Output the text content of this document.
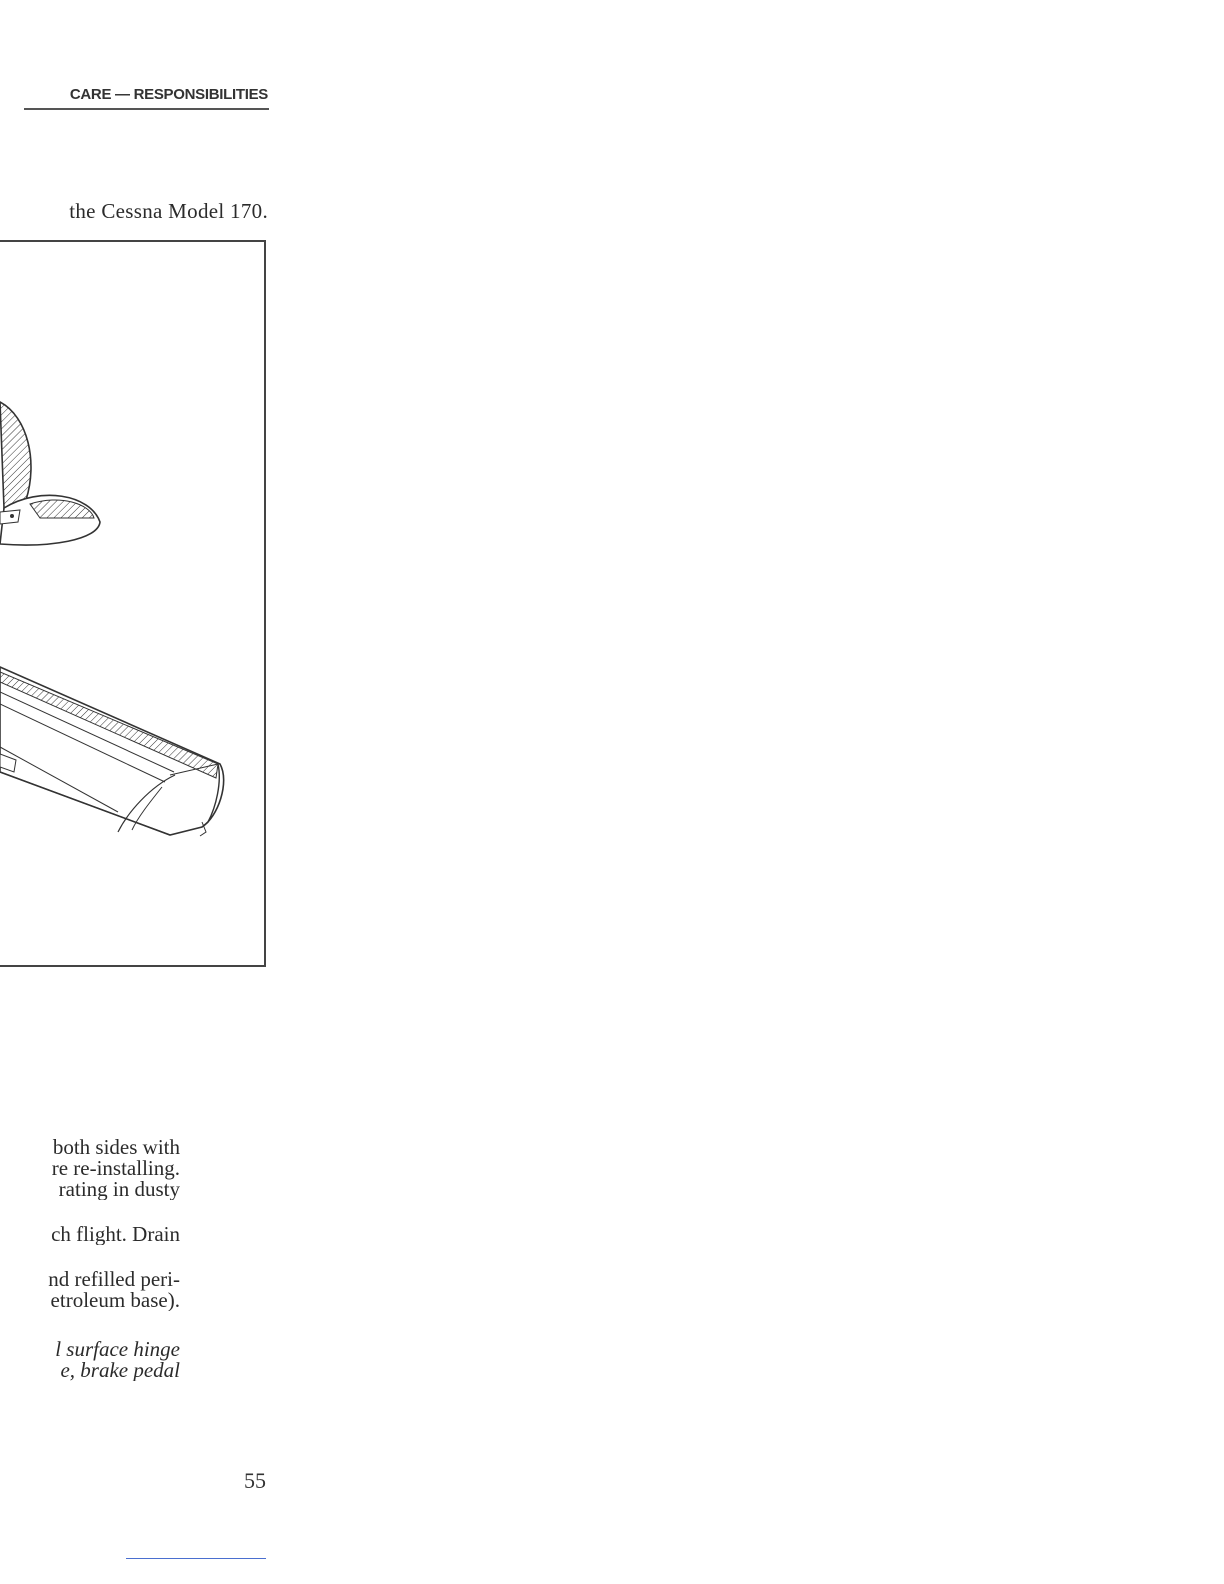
CARE — RESPONSIBILITIES
the Cessna Model 170.
both sides with
re re-installing.
rating in dusty
ch flight. Drain
nd refilled peri-
etroleum base).
l surface hinge
e, brake pedal
55
